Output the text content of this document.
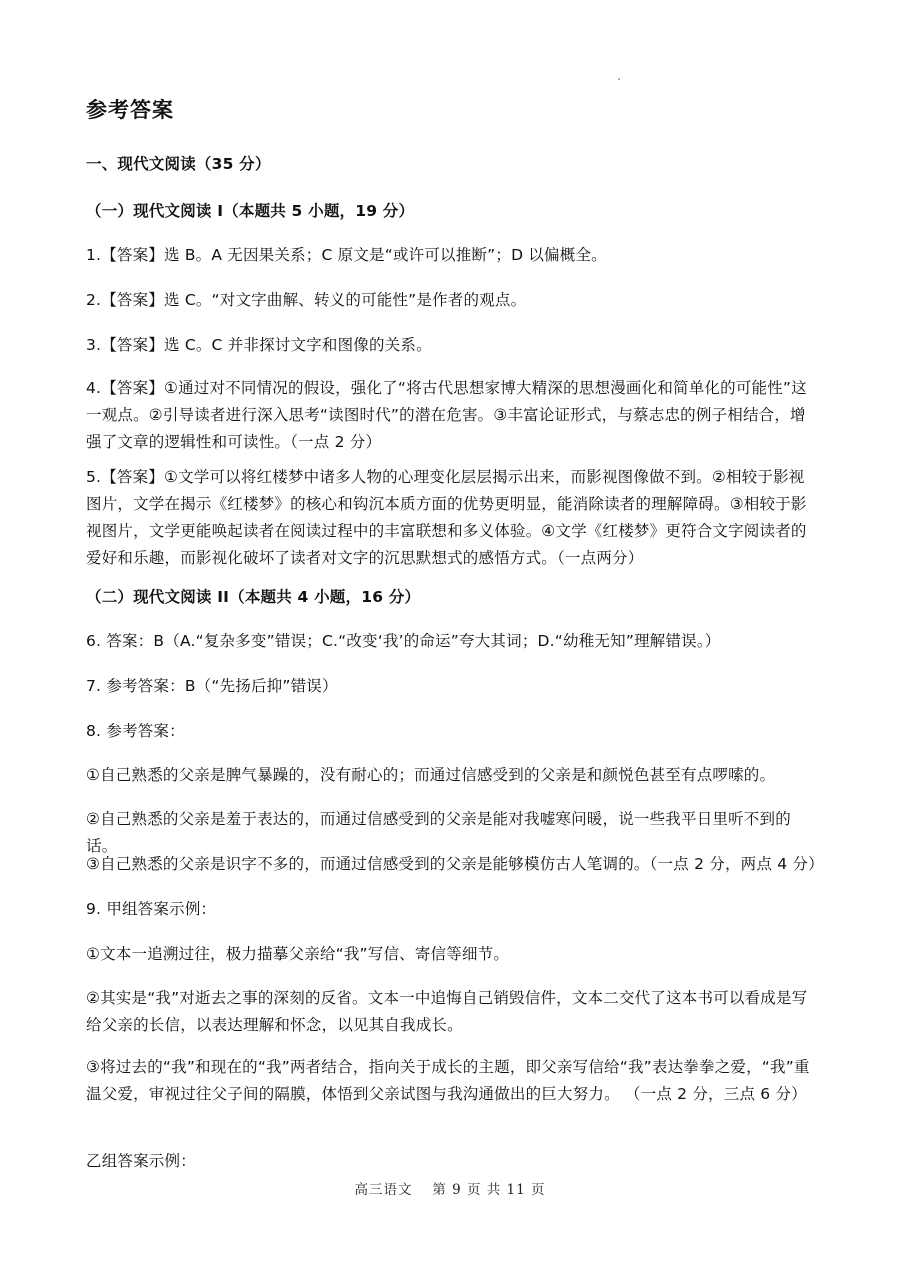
参考答案
一、现代文阅读（35 分）
（一）现代文阅读 I（本题共 5 小题，19 分）
1.【答案】选 B。A 无因果关系；C 原文是“或许可以推断”；D 以偏概全。
2.【答案】选 C。“对文字曲解、转义的可能性”是作者的观点。
3.【答案】选 C。C 并非探讨文字和图像的关系。
4.【答案】①通过对不同情况的假设，强化了“将古代思想家博大精深的思想漫画化和简单化的可能性”这一观点。②引导读者进行深入思考“读图时代”的潜在危害。③丰富论证形式，与蔡志忠的例子相结合，增强了文章的逻辑性和可读性。（一点 2 分）
5.【答案】①文学可以将红楼梦中诸多人物的心理变化层层揭示出来，而影视图像做不到。②相较于影视图片，文学在揭示《红楼梦》的核心和钩沉本质方面的优势更明显，能消除读者的理解障碍。③相较于影视图片，文学更能唤起读者在阅读过程中的丰富联想和多义体验。④文学《红楼梦》更符合文字阅读者的爱好和乐趣，而影视化破坏了读者对文字的沉思默想式的感悟方式。（一点两分）
（二）现代文阅读 II（本题共 4 小题，16 分）
6. 答案：B（A.“复杂多变”错误；C.“改变‘我’的命运”夸大其词；D.“幼稚无知”理解错误。）
7. 参考答案：B（“先扬后抑”错误）
8. 参考答案：
①自己熟悉的父亲是脾气暴躁的，没有耐心的；而通过信感受到的父亲是和颜悦色甚至有点啰嗦的。
②自己熟悉的父亲是羞于表达的，而通过信感受到的父亲是能对我嘘寒问暖，说一些我平日里听不到的话。
③自己熟悉的父亲是识字不多的，而通过信感受到的父亲是能够模仿古人笔调的。（一点 2 分，两点 4 分）
9. 甲组答案示例：
①文本一追溯过往，极力描摹父亲给“我”写信、寄信等细节。
②其实是“我”对逝去之事的深刻的反省。文本一中追悔自己销毁信件，文本二交代了这本书可以看成是写给父亲的长信，以表达理解和怀念，以见其自我成长。
③将过去的“我”和现在的“我”两者结合，指向关于成长的主题，即父亲写信给“我”表达拳拳之爱，“我”重温父爱，审视过往父子间的隔膜，体悟到父亲试图与我沟通做出的巨大努力。 （一点 2 分，三点 6 分）
乙组答案示例：
高三语文　 第 9 页 共 11 页
